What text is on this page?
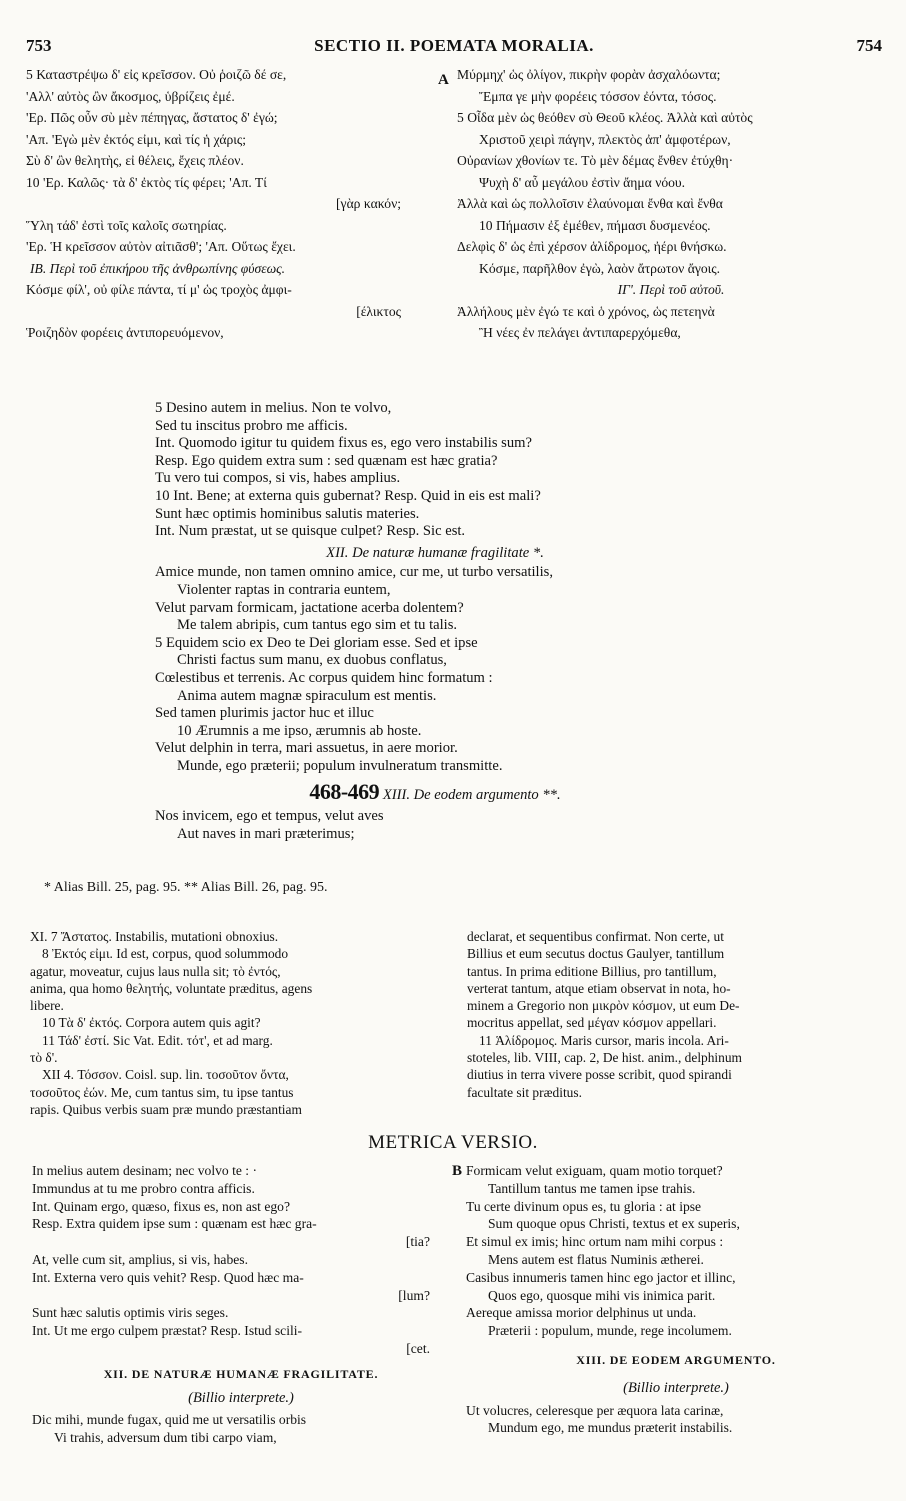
753	SECTIO II. POEMATA MORALIA.	754
5 Καταστρέψω δ' εἰς κρεῖσσον. Οὐ ῥοιζῶ δέ σε,
'Αλλ' αὐτὸς ὢν ἄκοσμος, ὑβρίζεις ἐμέ.
'Ερ. Πῶς οὖν σὺ μὲν πέπηγας, ἄστατος δ' ἐγώ;
'Απ. 'Εγὼ μὲν ἐκτός εἰμι, καὶ τίς ἡ χάρις;
Σὺ δ' ὢν θελητὴς, εἰ θέλεις, ἔχεις πλέον.
10 'Ερ. Καλῶς· τὰ δ' ἐκτὸς τίς φέρει; 'Απ. Τί
[γὰρ κακόν;
Ὕλη τάδ' ἐστὶ τοῖς καλοῖς σωτηρίας.
'Ερ. Ἡ κρεῖσσον αὐτὸν αἰτιᾶσθ'; 'Απ. Οὕτως ἔχει.
IB. Περὶ τοῦ ἐπικήρου τῆς ἀνθρωπίνης φύσεως.
Κόσμε φίλ', οὐ φίλε πάντα, τί μ' ὡς τροχὸς ἀμφι-
[έλικτος
Ῥοιζηδὸν φορέεις ἀντιπορευόμενον,
A Μύρμηχ' ὡς ὀλίγον, πικρὴν φορὰν ἀσχαλόωντα;
Ἔμπα γε μὴν φορέεις τόσσον ἐόντα, τόσος.
5 Οἶδα μὲν ὡς θεόθεν σὺ Θεοῦ κλέος. Ἀλλὰ καὶ αὐτὸς
Χριστοῦ χειρὶ πάγην, πλεκτὸς ἀπ' ἀμφοτέρων,
Οὐρανίων χθονίων τε. Τὸ μὲν δέμας ἔνθεν ἐτύχθη·
Ψυχὴ δ' αὖ μεγάλου ἐστὶν ἄημα νόου.
Ἀλλὰ καὶ ὡς πολλοῖσιν ἐλαύνομαι ἔνθα καὶ ἔνθα
10 Πήμασιν ἐξ ἐμέθεν, πήμασι δυσμενέος.
Δελφὶς δ' ὡς ἐπὶ χέρσον ἁλίδρομος, ἠέρι θνήσκω.
Κόσμε, παρῆλθον ἐγὼ, λαὸν ἄτρωτον ἄγοις.
IΓ'. Περὶ τοῦ αὐτοῦ.
Ἀλλήλους μὲν ἐγώ τε καὶ ὁ χρόνος, ὡς πετεηνὰ
Ἢ νέες ἐν πελάγει ἀντιπαρερχόμεθα,
5 Desino autem in melius. Non te volvo,
Sed tu inscitus probro me afficis.
Int. Quomodo igitur tu quidem fixus es, ego vero instabilis sum?
Resp. Ego quidem extra sum : sed quænam est hæc gratia?
Tu vero tui compos, si vis, habes amplius.
10 Int. Bene; at externa quis gubernat? Resp. Quid in eis est mali?
Sunt hæc optimis hominibus salutis materies.
Int. Num præstat, ut se quisque culpet? Resp. Sic est.
XII. De naturæ humanæ fragilitate *.
Amice munde, non tamen omnino amice, cur me, ut turbo versatilis,
Violenter raptas in contraria euntem,
Velut parvam formicam, jactatione acerba dolentem?
Me talem abripis, cum tantus ego sim et tu talis.
5 Equidem scio ex Deo te Dei gloriam esse. Sed et ipse
Christi factus sum manu, ex duobus conflatus,
Cœlestibus et terrenis. Ac corpus quidem hinc formatum :
Anima autem magnæ spiraculum est mentis.
Sed tamen plurimis jactor huc et illuc
10 Ærumnis a me ipso, ærumnis ab hoste.
Velut delphin in terra, mari assuetus, in aere morior.
Munde, ego præterii; populum invulneratum transmitte.
468-469 XIII. De eodem argumento **.
Nos invicem, ego et tempus, velut aves
Aut naves in mari præterimus;
* Alias Bill. 25, pag. 95. ** Alias Bill. 26, pag. 95.
XI. 7 Ἄστατος. Instabilis, mutationi obnoxius.
8 Ἐκτός εἰμι. Id est, corpus, quod solummodo
agatur, moveatur, cujus laus nulla sit; τὸ ἐντός,
anima, qua homo θελητής, voluntate præditus, agens
libere.
10 Τὰ δ' ἐκτός. Corpora autem quis agit?
11 Τάδ' ἐστί. Sic Vat. Edit. τότ', et ad marg.
τὸ δ'.
XII 4. Τόσσον. Coisl. sup. lin. τοσοῦτον ὄντα,
τοσοῦτος ἐών. Me, cum tantus sim, tu ipse tantus
rapis. Quibus verbis suam præ mundo præstantiam
declarat, et sequentibus confirmat. Non certe, ut
Billius et eum secutus doctus Gaulyer, tantillum
tantus. In prima editione Billius, pro tantillum,
verterat tantum, atque etiam observat in nota, ho-
minem a Gregorio non μικρὸν κόσμον, ut eum De-
mocritus appellat, sed μέγαν κόσμον appellari.
11 Ἁλίδρομος. Maris cursor, maris incola. Ari-
stoteles, lib. VIII, cap. 2, De hist. anim., delphinum
diutius in terra vivere posse scribit, quod spirandi
facultate sit præditus.
METRICA VERSIO.
In melius autem desinam; nec volvo te : ·
Immundus at tu me probro contra afficis.
Int. Quinam ergo, quæso, fixus es, non ast ego?
Resp. Extra quidem ipse sum : quænam est hæc gra-
[tia?
At, velle cum sit, amplius, si vis, habes.
Int. Externa vero quis vehit? Resp. Quod hæc ma-
[lum?
Sunt hæc salutis optimis viris seges.
Int. Ut me ergo culpem præstat? Resp. Istud scili-
[cet.
XII. DE NATURÆ HUMANÆ FRAGILITATE.
(Billio interprete.)
Dic mihi, munde fugax, quid me ut versatilis orbis
Vi trahis, adversum dum tibi carpo viam,
B Formicam velut exiguam, quam motio torquet?
Tantillum tantus me tamen ipse trahis.
Tu certe divinum opus es, tu gloria : at ipse
Sum quoque opus Christi, textus et ex superis,
Et simul ex imis; hinc ortum nam mihi corpus :
Mens autem est flatus Numinis ætherei.
Casibus innumeris tamen hinc ego jactor et illinc,
Quos ego, quosque mihi vis inimica parit.
Aereque amissa morior delphinus ut unda.
Præterii : populum, munde, rege incolumem.
XIII. DE EODEM ARGUMENTO.
(Billio interprete.)
Ut volucres, celeresque per æquora lata carinæ,
Mundum ego, me mundus præterit instabilis.
